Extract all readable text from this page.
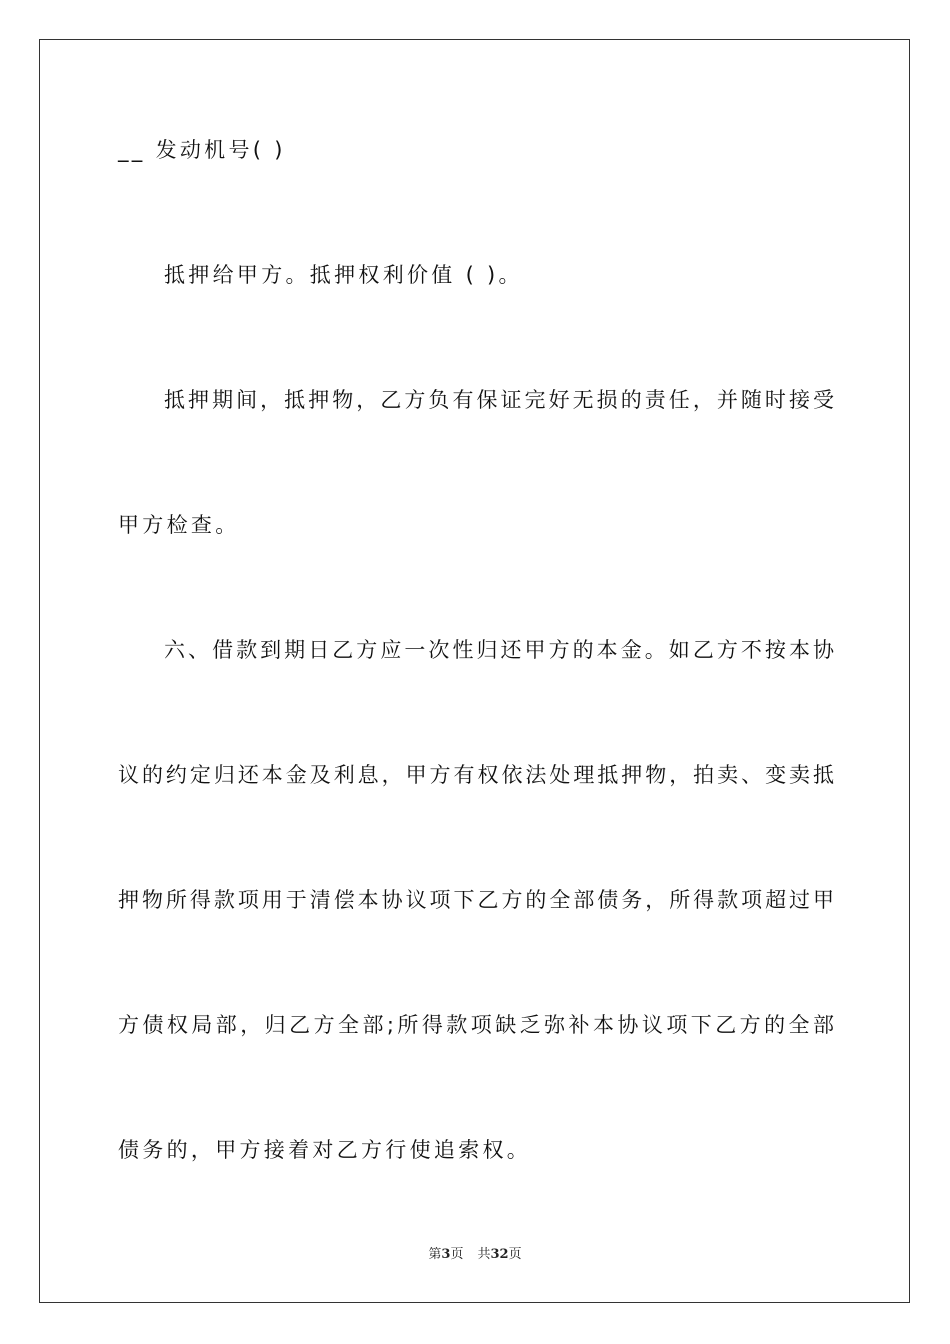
__ 发动机号( )
抵押给甲方。抵押权利价值 ( )。
抵押期间，抵押物，乙方负有保证完好无损的责任，并随时接受
甲方检查。
六、借款到期日乙方应一次性归还甲方的本金。如乙方不按本协
议的约定归还本金及利息，甲方有权依法处理抵押物，拍卖、变卖抵
押物所得款项用于清偿本协议项下乙方的全部债务，所得款项超过甲
方债权局部，归乙方全部;所得款项缺乏弥补本协议项下乙方的全部
债务的，甲方接着对乙方行使追索权。
第3页 共32页
